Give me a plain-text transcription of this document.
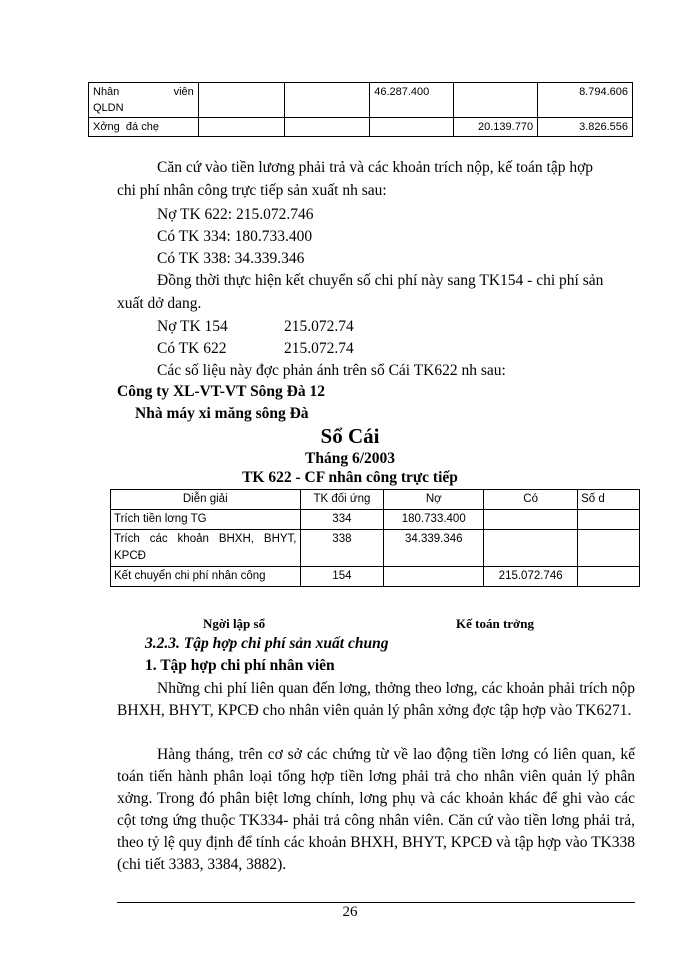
Nhân viên
QLDN			46.287.400		8.794.606
Xởng đá chẹ				20.139.770	3.826.556
Căn cứ vào tiền lương phải trả và các khoản trích nộp, kế toán tập hợp
chi phí nhân công trực tiếp sản xuất nh sau:
Nợ TK 622: 215.072.746
Có TK 334: 180.733.400
Có TK 338: 34.339.346
Đồng thời thực hiện kết chuyển số chi phí này sang TK154 - chi phí sản
xuất dở dang.
Nợ TK 154	215.072.74
Có TK 622	215.072.74
Các số liệu này đợc phản ánh trên sổ Cái TK622 nh sau:
Công ty XL-VT-VT Sông Đà 12
Nhà máy xi măng sông Đà
Sổ Cái
Tháng 6/2003
TK 622 - CF nhân công trực tiếp
Diễn giải	TK đối ứng	Nợ	Có	Số d
Trích tiền lơng TG	334	180.733.400		
Trích các khoản BHXH, BHYT, KPCĐ	338	34.339.346		
Kết chuyển chi phí nhân công	154		215.072.746	
Ngời lập sổ	Kế toán trởng
3.2.3. Tập hợp chi phí sản xuất chung
1. Tập hợp chi phí nhân viên
Những chi phí liên quan đến lơng, thởng theo lơng, các khoản phải trích nộp BHXH, BHYT, KPCĐ cho nhân viên quản lý phân xởng đợc tập hợp vào TK6271.
Hàng tháng, trên cơ sở các chứng từ về lao động tiền lơng có liên quan, kế toán tiến hành phân loại tổng hợp tiền lơng phải trả cho nhân viên quản lý phân xởng. Trong đó phân biệt lơng chính, lơng phụ và các khoản khác để ghi vào các cột tơng ứng thuộc TK334- phải trả công nhân viên. Căn cứ vào tiền lơng phải trả, theo tỷ lệ quy định để tính các khoản BHXH, BHYT, KPCĐ và tập hợp vào TK338 (chi tiết 3383, 3384, 3882).
26
